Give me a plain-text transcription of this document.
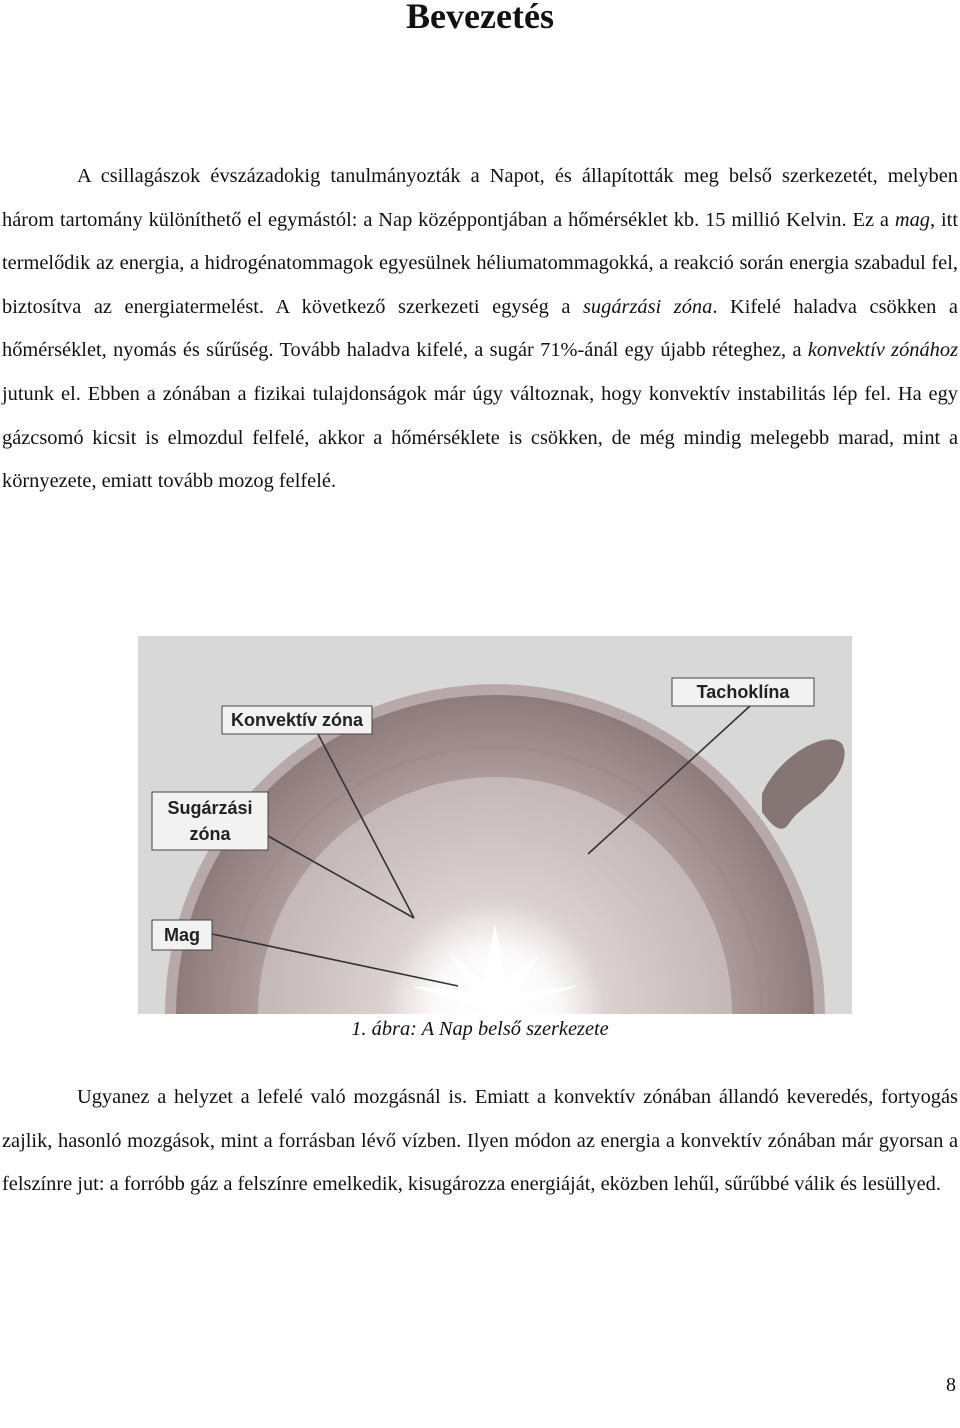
Bevezetés

A csillagászok évszázadokig tanulmányozták a Napot, és állapították meg belső szerkezetét, melyben három tartomány különíthető el egymástól: a Nap középpontjában a hőmérséklet kb. 15 millió Kelvin. Ez a mag, itt termelődik az energia, a hidrogénatommagok egyesülnek héliumatommagokká, a reakció során energia szabadul fel, biztosítva az energiatermelést. A következő szerkezeti egység a sugárzási zóna. Kifelé haladva csökken a hőmérséklet, nyomás és sűrűség. Tovább haladva kifelé, a sugár 71%-ánál egy újabb réteghez, a konvektív zónához jutunk el. Ebben a zónában a fizikai tulajdonságok már úgy változnak, hogy konvektív instabilitás lép fel. Ha egy gázcsomó kicsit is elmozdul felfelé, akkor a hőmérséklete is csökken, de még mindig melegebb marad, mint a környezete, emiatt tovább mozog felfelé.

Tachoklína
Konvektív zóna
Sugárzási
zóna
Mag
1. ábra: A Nap belső szerkezete

Ugyanez a helyzet a lefelé való mozgásnál is. Emiatt a konvektív zónában állandó keveredés, fortyogás zajlik, hasonló mozgások, mint a forrásban lévő vízben. Ilyen módon az energia a konvektív zónában már gyorsan a felszínre jut: a forróbb gáz a felszínre emelkedik, kisugározza energiáját, eközben lehűl, sűrűbbé válik és lesüllyed.

8
